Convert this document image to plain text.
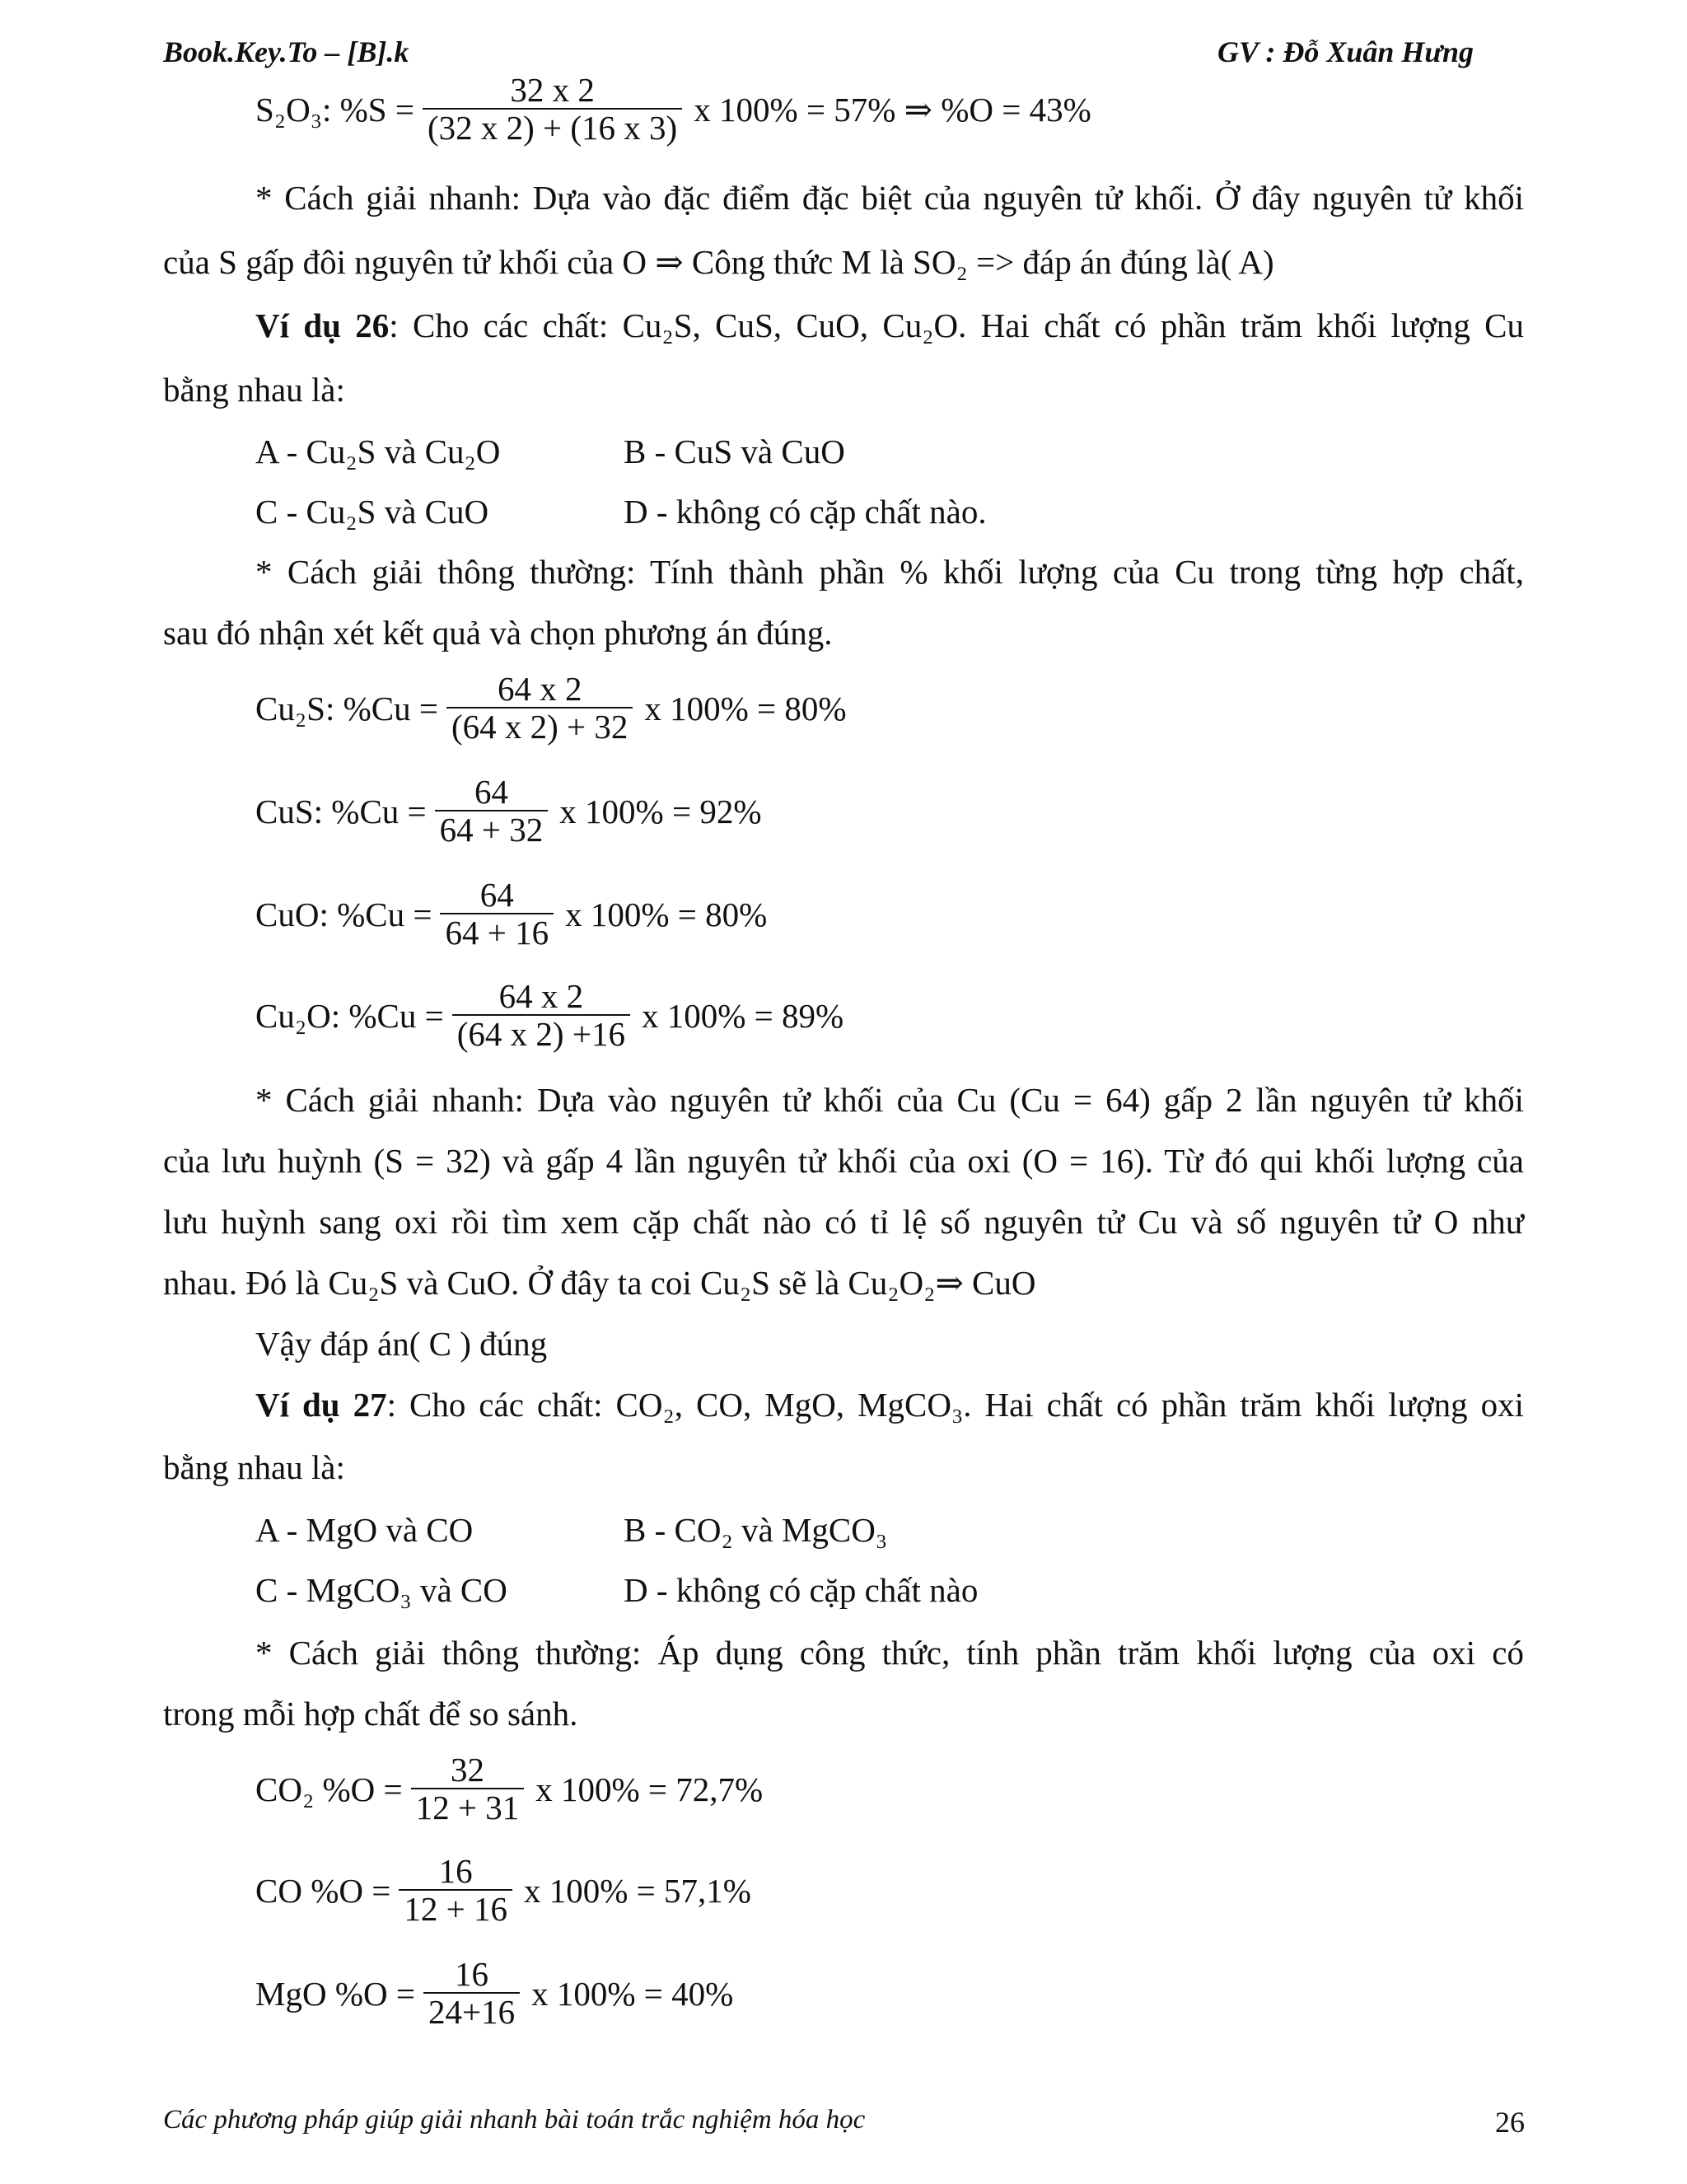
Book.Key.To – [B].k	GV : Đỗ Xuân Hưng
S₂O₃: $\%S = \frac{32 x 2}{(32 x 2) + (16 x 3)}$ x 100% = 57% ⇒ %O = 43%
* Cách giải nhanh: Dựa vào đặc điểm đặc biệt của nguyên tử khối. Ở đây nguyên tử khối
của S gấp đôi nguyên tử khối của O ⇒ Công thức M là SO₂ => đáp án đúng là( A)
Ví dụ 26: Cho các chất: Cu₂S, CuS, CuO, Cu₂O. Hai chất có phần trăm khối lượng Cu
bằng nhau là:
A - Cu₂S và Cu₂O	B - CuS và CuO
C - Cu₂S và CuO	D - không có cặp chất nào.
* Cách giải thông thường: Tính thành phần % khối lượng của Cu trong từng hợp chất,
sau đó nhận xét kết quả và chọn phương án đúng.
Cu₂S: $\%Cu = \frac{64 x 2}{(64 x 2) + 32}$ x 100% = 80%
CuS: $\%Cu = \frac{64}{64 + 32}$ x 100% = 92%
CuO: $\%Cu = \frac{64}{64 + 16}$ x 100% = 80%
Cu₂O: $\%Cu = \frac{64 x 2}{(64 x 2) +16}$ x 100% = 89%
* Cách giải nhanh: Dựa vào nguyên tử khối của Cu (Cu = 64) gấp 2 lần nguyên tử khối
của lưu huỳnh (S = 32) và gấp 4 lần nguyên tử khối của oxi (O = 16). Từ đó qui khối lượng của
lưu huỳnh sang oxi rồi tìm xem cặp chất nào có tỉ lệ số nguyên tử Cu và số nguyên tử O như
nhau. Đó là Cu₂S và CuO. Ở đây ta coi Cu₂S sẽ là Cu₂O₂⇒ CuO
Vậy đáp án( C ) đúng
Ví dụ 27: Cho các chất: CO₂, CO, MgO, MgCO₃. Hai chất có phần trăm khối lượng oxi
bằng nhau là:
A - MgO và CO	B - CO₂ và MgCO₃
C - MgCO₃ và CO	D - không có cặp chất nào
* Cách giải thông thường: Áp dụng công thức, tính phần trăm khối lượng của oxi có
trong mỗi hợp chất để so sánh.
CO₂ $\%O = \frac{32}{12 + 31}$ x 100% = 72,7%
CO $\%O = \frac{16}{12 + 16}$ x 100% = 57,1%
MgO $\%O = \frac{16}{24+16}$ x 100% = 40%
Các phương pháp giúp giải nhanh bài toán trắc nghiệm hóa học	26
